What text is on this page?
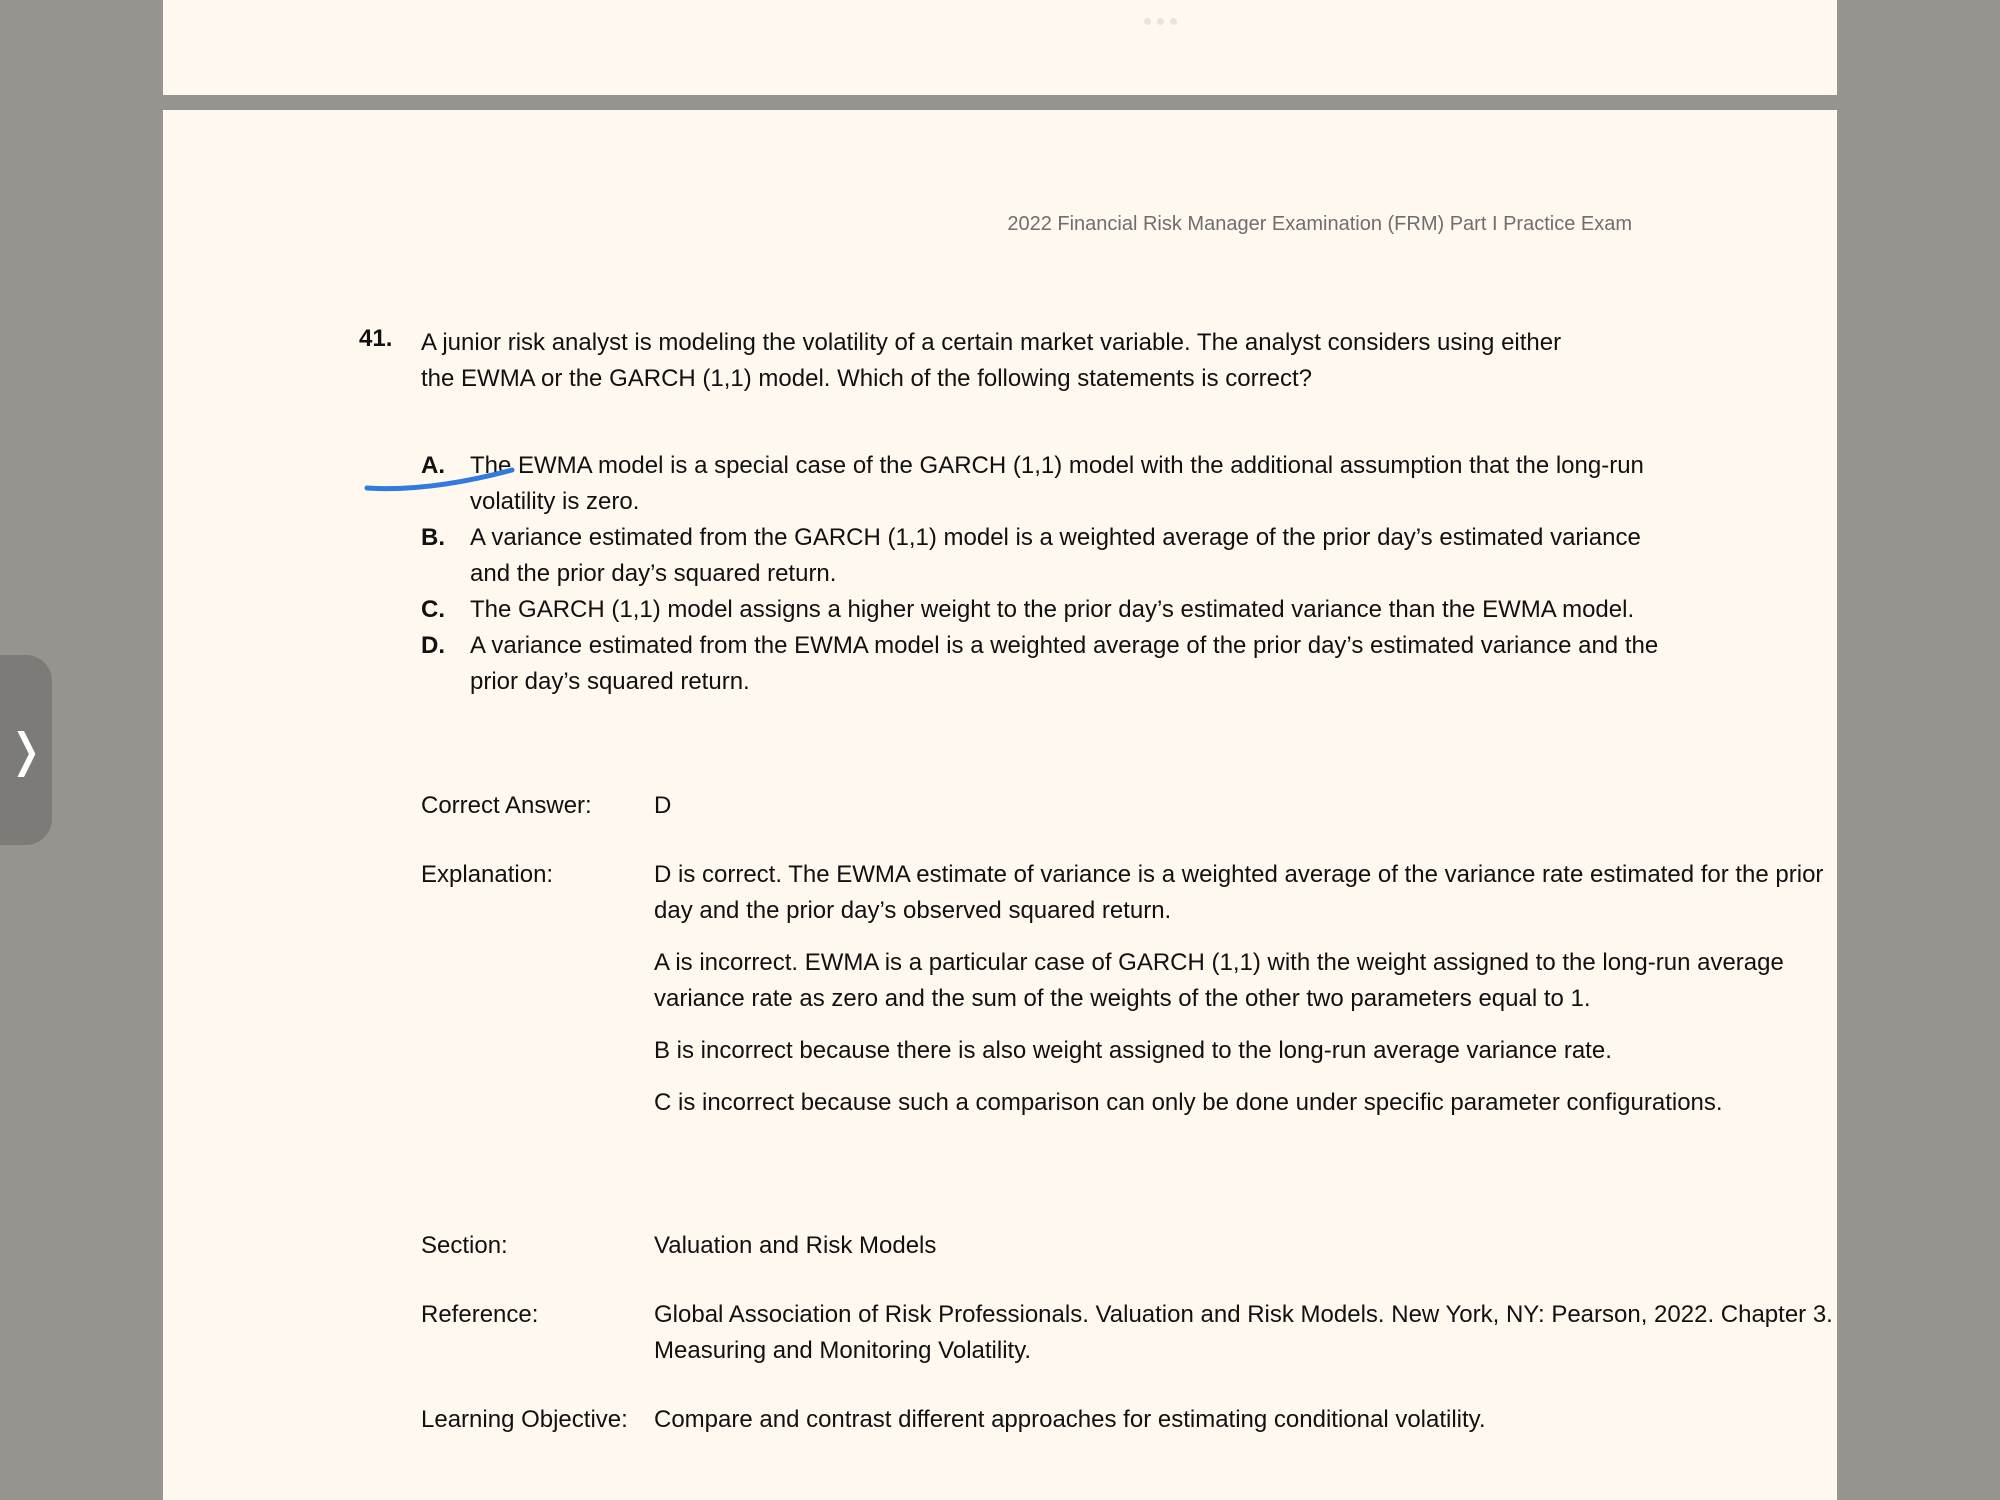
2022 Financial Risk Manager Examination (FRM) Part I Practice Exam
41. A junior risk analyst is modeling the volatility of a certain market variable. The analyst considers using either the EWMA or the GARCH (1,1) model. Which of the following statements is correct?

A. The EWMA model is a special case of the GARCH (1,1) model with the additional assumption that the long-run volatility is zero.

B. A variance estimated from the GARCH (1,1) model is a weighted average of the prior day’s estimated variance and the prior day’s squared return.

C. The GARCH (1,1) model assigns a higher weight to the prior day’s estimated variance than the EWMA model.

D. A variance estimated from the EWMA model is a weighted average of the prior day’s estimated variance and the prior day’s squared return.

Correct Answer:	D
Explanation:	D is correct. The EWMA estimate of variance is a weighted average of the variance rate estimated for the prior day and the prior day’s observed squared return.

A is incorrect. EWMA is a particular case of GARCH (1,1) with the weight assigned to the long-run average variance rate as zero and the sum of the weights of the other two parameters equal to 1.

B is incorrect because there is also weight assigned to the long-run average variance rate.

C is incorrect because such a comparison can only be done under specific parameter configurations.

Section:	Valuation and Risk Models
Reference:	Global Association of Risk Professionals. Valuation and Risk Models. New York, NY: Pearson, 2022. Chapter 3. Measuring and Monitoring Volatility.
Learning Objective: Compare and contrast different approaches for estimating conditional volatility.
❭
